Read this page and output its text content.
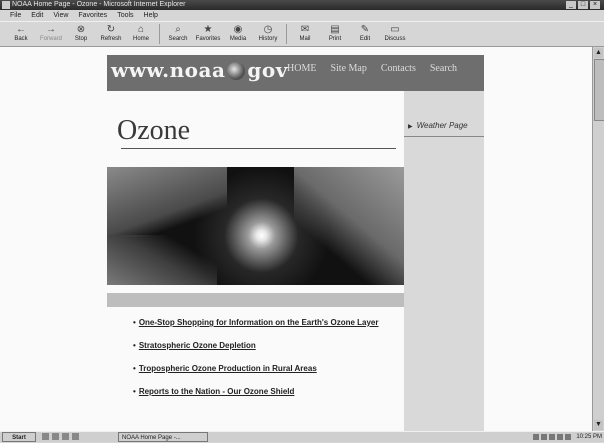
NOAA Home Page - Ozone - Microsoft Internet Explorer	_	□	×
File Edit View Favorites Tools Help
←
Back
→
Forward
⊗
Stop
↻
Refresh
⌂
Home
⌕
Search
★
Favorites
◉
Media
◷
History
✉
Mail
▤
Print
✎
Edit
▭
Discuss
www.noaa gov HOME Site Map Contacts Search
▶ Weather Page
Ozone
• One-Stop Shopping for Information on the Earth's Ozone Layer
• Stratospheric Ozone Depletion
• Tropospheric Ozone Production in Rural Areas
• Reports to the Nation - Our Ozone Shield
▲
▼
Start	NOAA Home Page -...	10:25 PM
